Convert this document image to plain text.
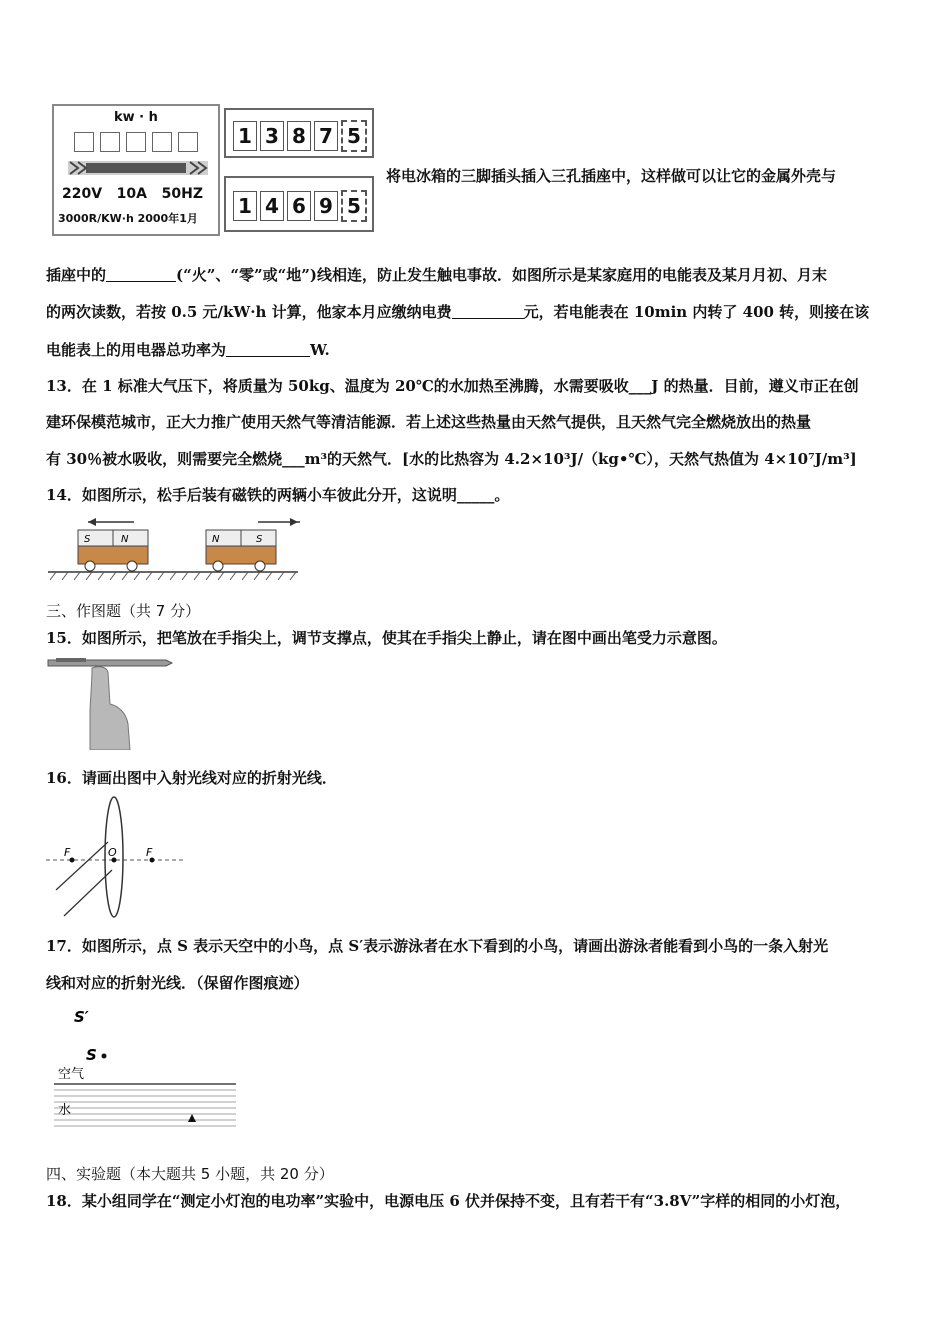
kw · h
220V   10A   50HZ
3000R/KW·h 2000年1月
1 3 8 7 5
1 4 6 9 5
将电冰箱的三脚插头插入三孔插座中，这样做可以让它的金属外壳与
插座中的	(“火”、“零”或“地”)线相连，防止发生触电事故．如图所示是某家庭用的电能表及某月月初、月末
的两次读数，若按 0.5 元/kW·h 计算，他家本月应缴纳电费	元，若电能表在 10min 内转了 400 转，则接在该
电能表上的用电器总功率为	W.
13．在 1 标准大气压下，将质量为 50kg、温度为 20℃的水加热至沸腾，水需要吸收___J 的热量．目前，遵义市正在创
建环保模范城市，正大力推广使用天然气等清洁能源．若上述这些热量由天然气提供，且天然气完全燃烧放出的热量
有 30％被水吸收，则需要完全燃烧___m³的天然气．[水的比热容为 4.2×10³J/（kg•℃），天然气热值为 4×10⁷J/m³]
14．如图所示，松手后装有磁铁的两辆小车彼此分开，这说明_____。
S	N	N	S
三、作图题（共 7 分）
15．如图所示，把笔放在手指尖上，调节支撑点，使其在手指尖上静止，请在图中画出笔受力示意图。
16．请画出图中入射光线对应的折射光线．
F	O	F
17．如图所示，点 S 表示天空中的小鸟，点 S′表示游泳者在水下看到的小鸟，请画出游泳者能看到小鸟的一条入射光
线和对应的折射光线．（保留作图痕迹）
S′
S
空气
水
四、实验题（本大题共 5 小题，共 20 分）
18．某小组同学在“测定小灯泡的电功率”实验中，电源电压 6 伏并保持不变，且有若干有“3.8V”字样的相同的小灯泡，
